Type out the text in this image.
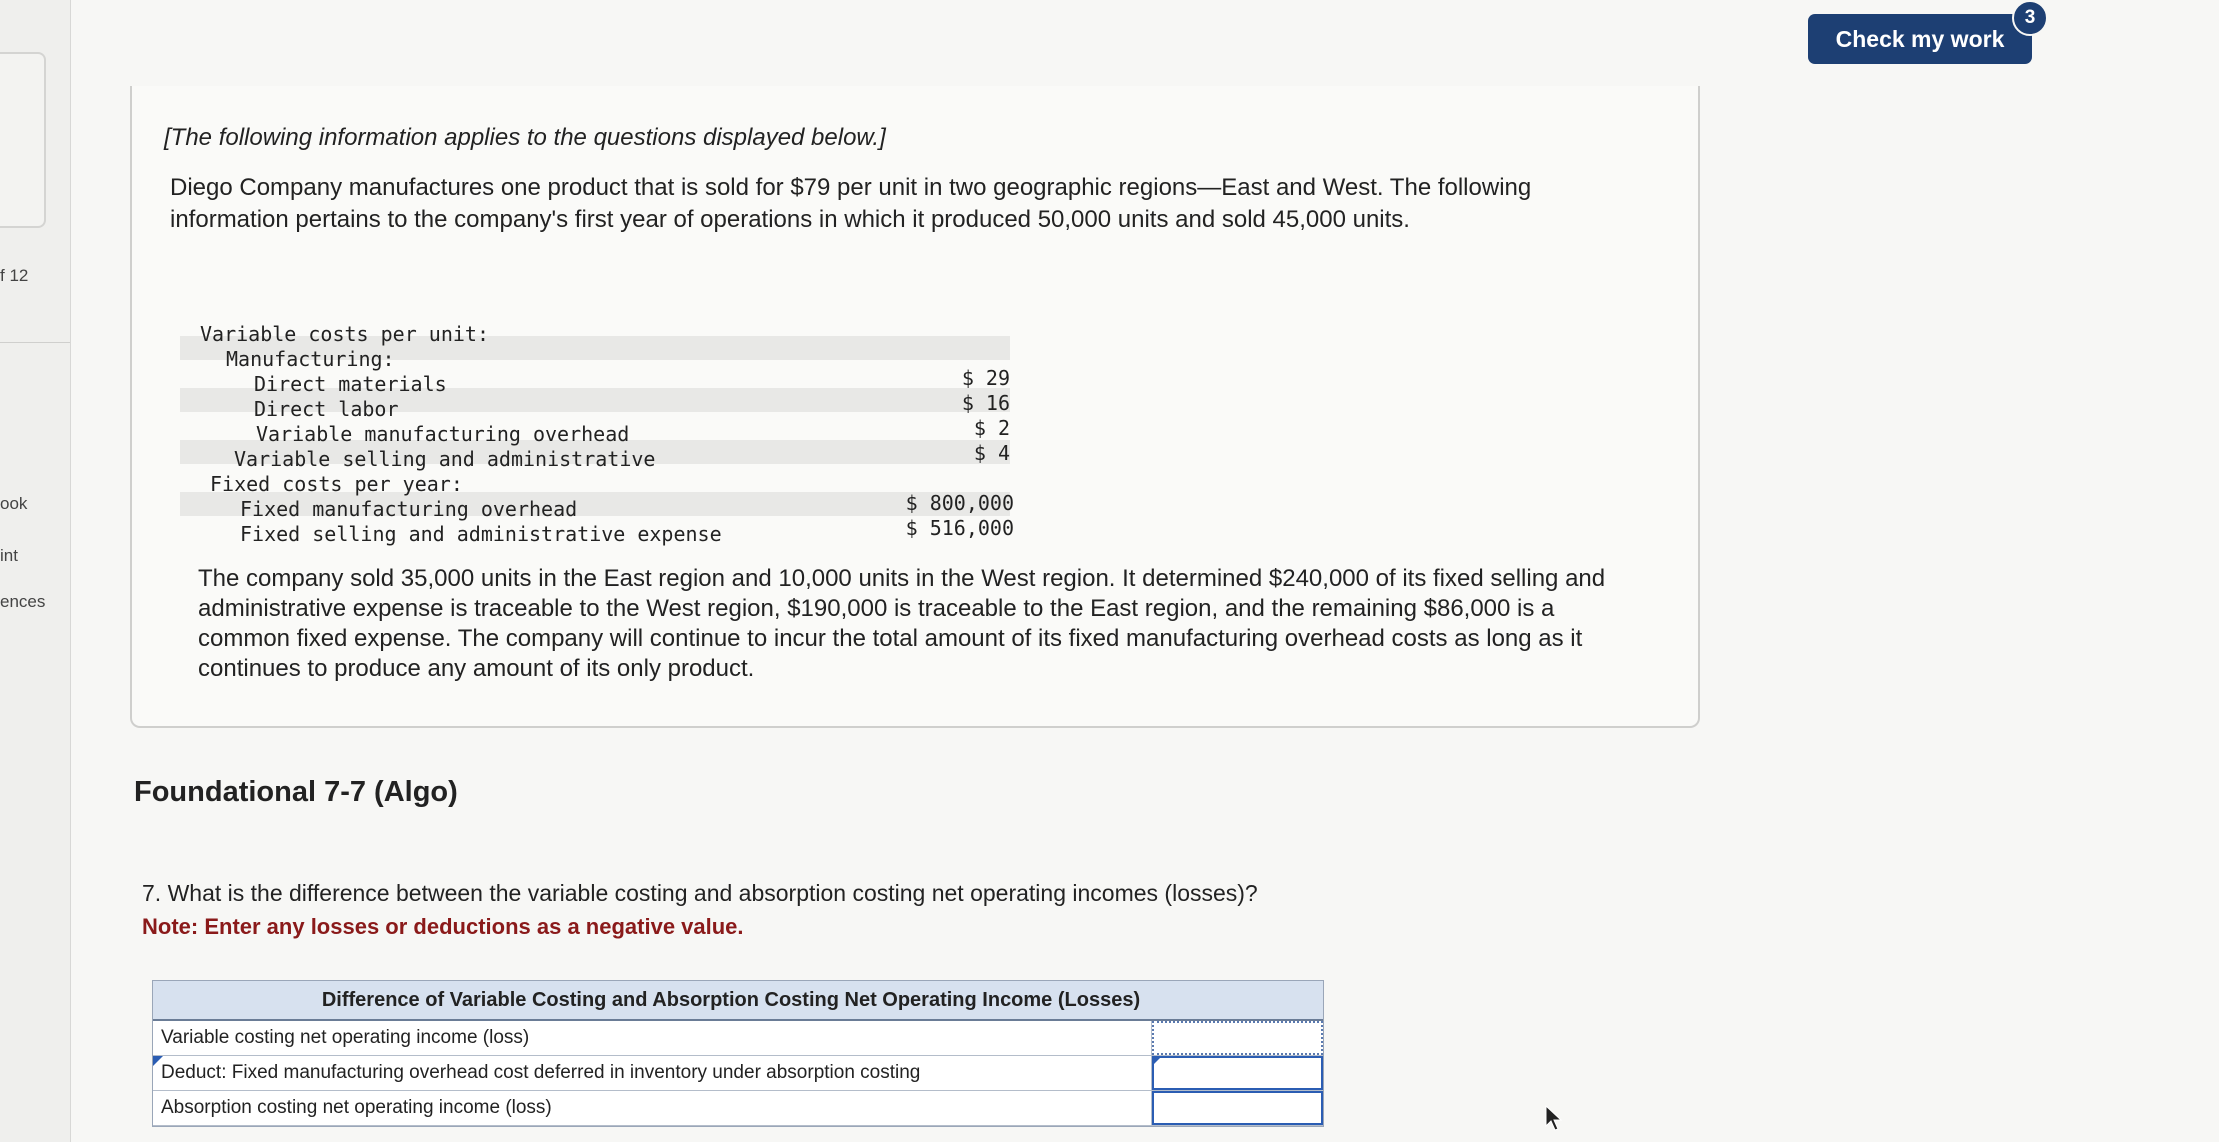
f 12
ook
int
ences
Check my work
3
[The following information applies to the questions displayed below.]
Diego Company manufactures one product that is sold for $79 per unit in two geographic regions—East and West. The following information pertains to the company's first year of operations in which it produced 50,000 units and sold 45,000 units.
Variable costs per unit:
Manufacturing:
Direct materials	$ 29
Direct labor	$ 16
Variable manufacturing overhead	$ 2
Variable selling and administrative	$ 4
Fixed costs per year:
Fixed manufacturing overhead	$ 800,000
Fixed selling and administrative expense	$ 516,000
The company sold 35,000 units in the East region and 10,000 units in the West region. It determined $240,000 of its fixed selling and administrative expense is traceable to the West region, $190,000 is traceable to the East region, and the remaining $86,000 is a common fixed expense. The company will continue to incur the total amount of its fixed manufacturing overhead costs as long as it continues to produce any amount of its only product.
Foundational 7-7 (Algo)
7. What is the difference between the variable costing and absorption costing net operating incomes (losses)?
Note: Enter any losses or deductions as a negative value.
Difference of Variable Costing and Absorption Costing Net Operating Income (Losses)
Variable costing net operating income (loss)
Deduct: Fixed manufacturing overhead cost deferred in inventory under absorption costing
Absorption costing net operating income (loss)
